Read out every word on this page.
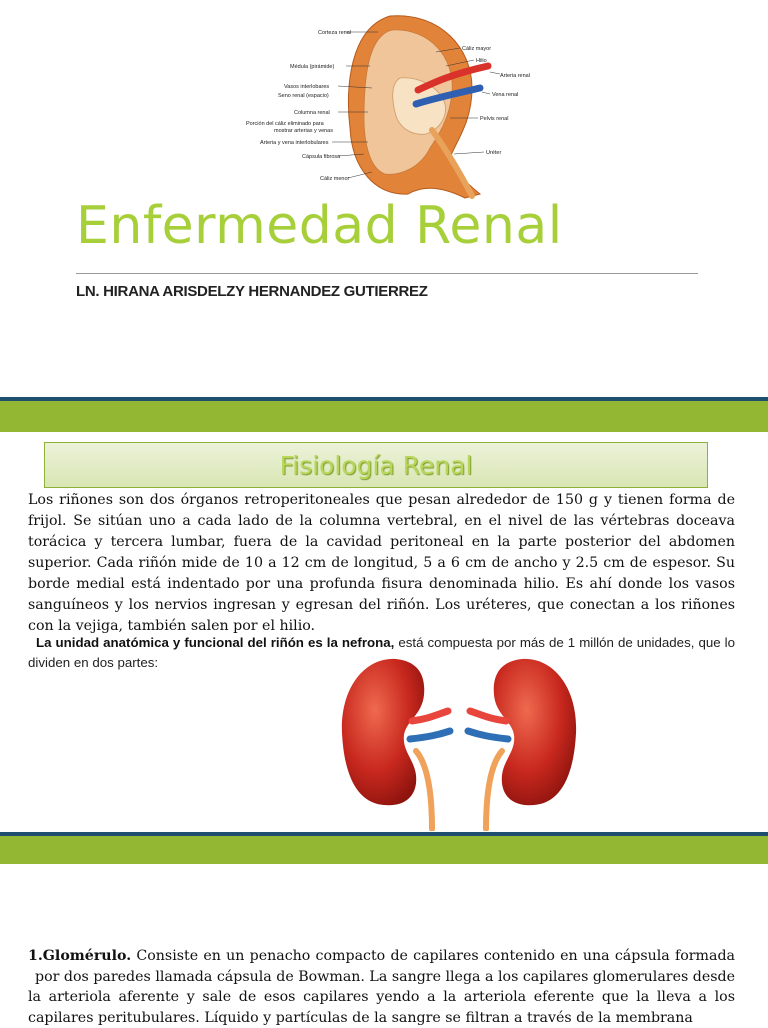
Corteza renal
Médula (pirámide)
Vasos interlobares
Seno renal (espacio)
Columna renal
Porción del cáliz eliminado para
mostrar arterias y venas
Arteria y vena interlobulares
Cápsula fibrosa
Cáliz menor
Cáliz mayor
Hilio
Arteria renal
Vena renal
Pelvis renal
Uréter
Enfermedad Renal
LN. HIRANA ARISDELZY HERNANDEZ GUTIERREZ
Fisiología Renal

Los riñones son dos órganos retroperitoneales que pesan alrededor de 150 g y tienen forma de frijol. Se sitúan uno a cada lado de la columna vertebral, en el nivel de las vértebras doceava torácica y tercera lumbar, fuera de la cavidad peritoneal en la parte posterior del abdomen superior. Cada riñón mide de 10 a 12 cm de longitud, 5 a 6 cm de ancho y 2.5 cm de espesor. Su borde medial está indentado por una profunda fisura denominada hilio. Es ahí donde los vasos sanguíneos y los nervios ingresan y egresan del riñón. Los uréteres, que conectan a los riñones con la vejiga, también salen por el hilio.

La unidad anatómica y funcional del riñón es la nefrona, está compuesta por más de 1 millón de unidades, que lo dividen en dos partes:

1.Glomérulo. Consiste en un penacho compacto de capilares contenido en una cápsula formada por dos paredes llamada cápsula de Bowman. La sangre llega a los capilares glomerulares desde la arteriola aferente y sale de esos capilares yendo a la arteriola eferente que la lleva a los capilares peritubulares. Líquido y partículas de la sangre se filtran a través de la membrana
